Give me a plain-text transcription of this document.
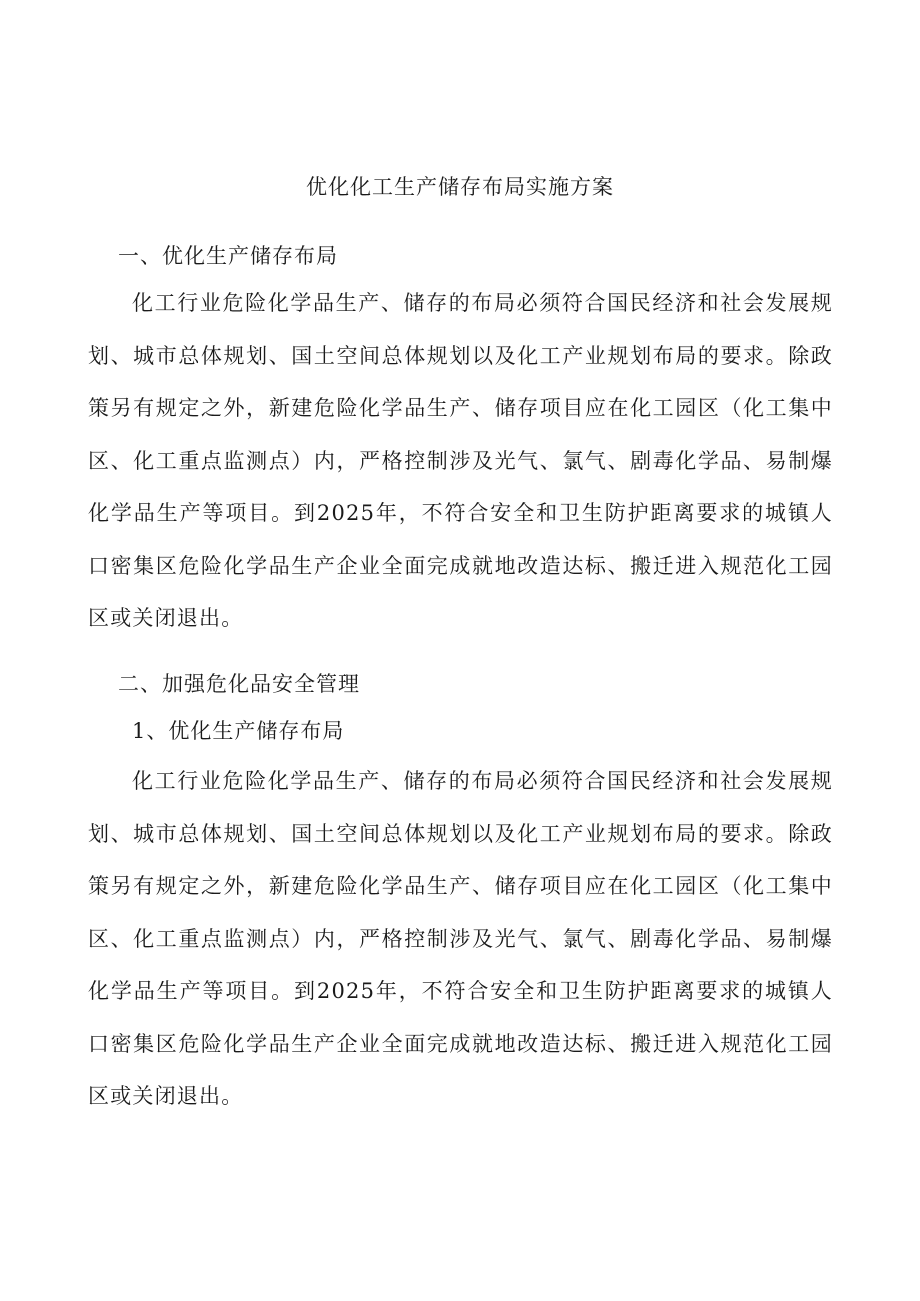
优化化工生产储存布局实施方案
一、优化生产储存布局
化工行业危险化学品生产、储存的布局必须符合国民经济和社会发展规划、城市总体规划、国土空间总体规划以及化工产业规划布局的要求。除政策另有规定之外，新建危险化学品生产、储存项目应在化工园区（化工集中区、化工重点监测点）内，严格控制涉及光气、氯气、剧毒化学品、易制爆化学品生产等项目。到2025年，不符合安全和卫生防护距离要求的城镇人口密集区危险化学品生产企业全面完成就地改造达标、搬迁进入规范化工园区或关闭退出。
二、加强危化品安全管理
1、优化生产储存布局
化工行业危险化学品生产、储存的布局必须符合国民经济和社会发展规划、城市总体规划、国土空间总体规划以及化工产业规划布局的要求。除政策另有规定之外，新建危险化学品生产、储存项目应在化工园区（化工集中区、化工重点监测点）内，严格控制涉及光气、氯气、剧毒化学品、易制爆化学品生产等项目。到2025年，不符合安全和卫生防护距离要求的城镇人口密集区危险化学品生产企业全面完成就地改造达标、搬迁进入规范化工园区或关闭退出。
